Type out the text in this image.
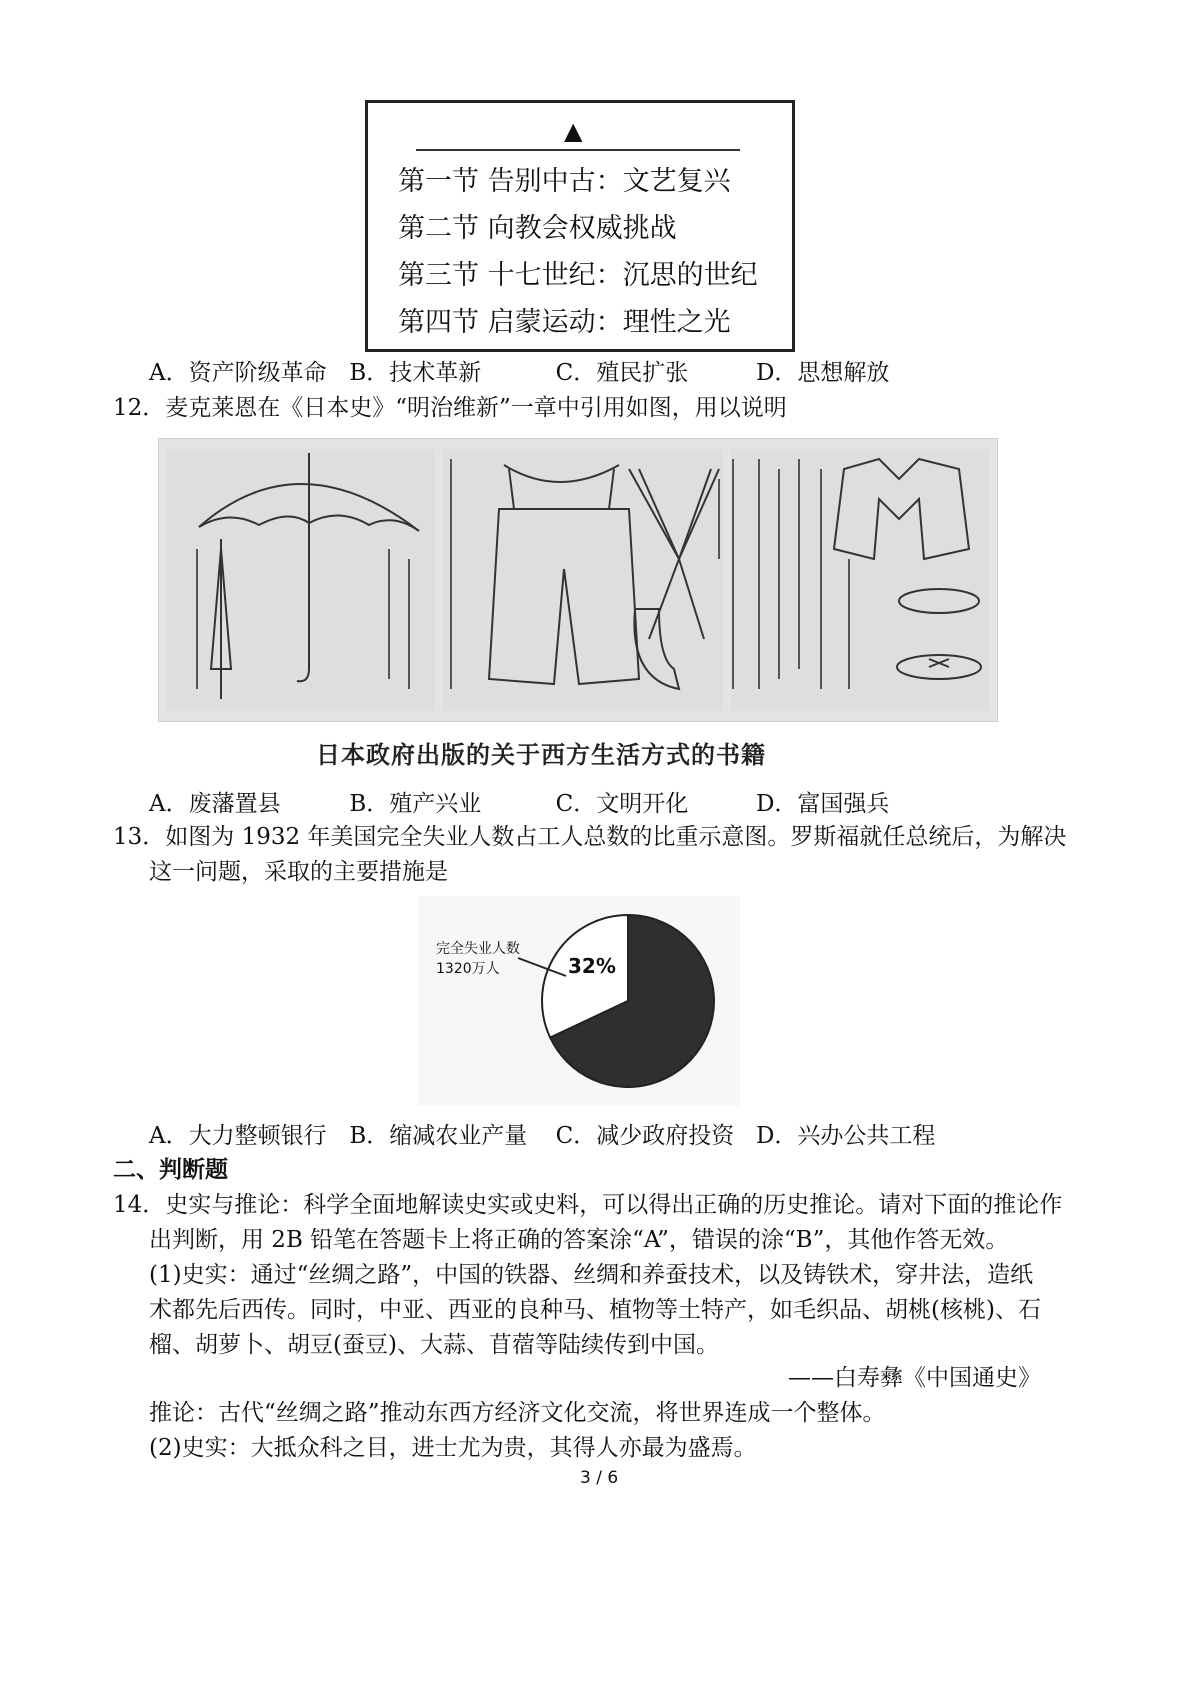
▲
第一节 告别中古：文艺复兴
第二节 向教会权威挑战
第三节 十七世纪：沉思的世纪
第四节 启蒙运动：理性之光
A．资产阶级革命 B．技术革新	C．殖民扩张	D．思想解放
12．麦克莱恩在《日本史》“明治维新”一章中引用如图，用以说明
日本政府出版的关于西方生活方式的书籍
A．废藩置县	B．殖产兴业	C．文明开化	D．富国强兵
13．如图为 1932 年美国完全失业人数占工人总数的比重示意图。罗斯福就任总统后，为解决
这一问题，采取的主要措施是
完全失业人数
1320万人	32%
A．大力整顿银行 B．缩减农业产量 C．减少政府投资 D．兴办公共工程
二、判断题
14．史实与推论：科学全面地解读史实或史料，可以得出正确的历史推论。请对下面的推论作
出判断，用 2B 铅笔在答题卡上将正确的答案涂“A”，错误的涂“B”，其他作答无效。
(1)史实：通过“丝绸之路”，中国的铁器、丝绸和养蚕技术，以及铸铁术，穿井法，造纸
术都先后西传。同时，中亚、西亚的良种马、植物等土特产，如毛织品、胡桃(核桃)、石
榴、胡萝卜、胡豆(蚕豆)、大蒜、苜蓿等陆续传到中国。
——白寿彝《中国通史》
推论：古代“丝绸之路”推动东西方经济文化交流，将世界连成一个整体。
(2)史实：大抵众科之目，进士尤为贵，其得人亦最为盛焉。
3 / 6
